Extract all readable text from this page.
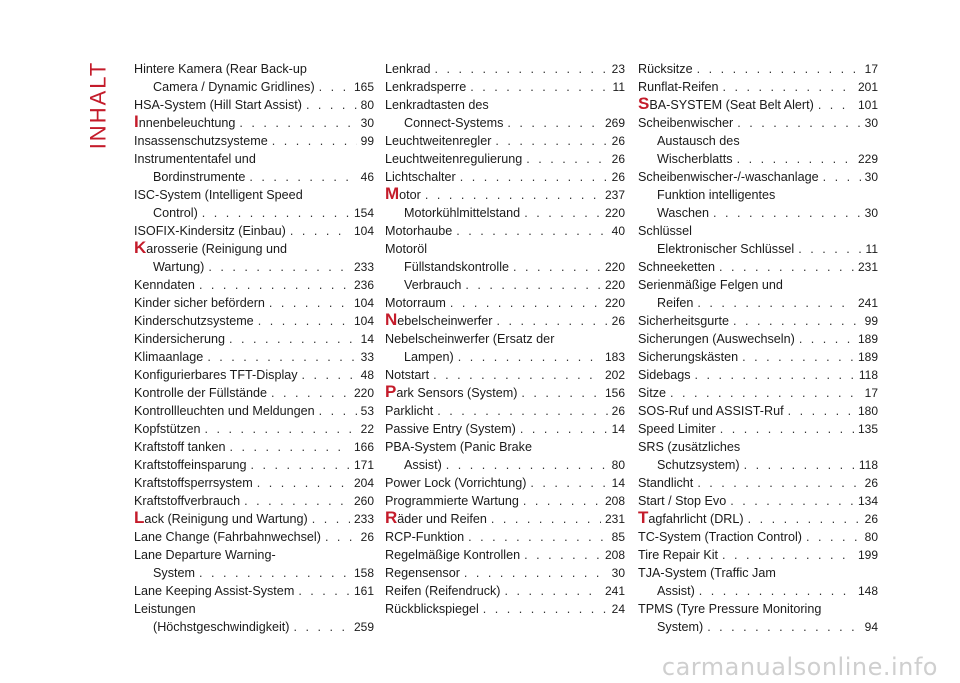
INHALT Hintere Kamera (Rear Back-up
Camera / Dynamic Gridlines) . . .	165
HSA-System (Hill Start Assist) . . .	80
Innenbeleuchtung . . .	30
Insassenschutzsysteme . . .	99
Instrumententafel und
Bordinstrumente . . .	46
ISC-System (Intelligent Speed
Control) . . .	154
ISOFIX-Kindersitz (Einbau) . . .	104
Karosserie (Reinigung und
Wartung) . . .	233
Kenndaten . . .	236
Kinder sicher befördern . . .	104
Kinderschutzsysteme . . .	104
Kindersicherung . . .	14
Klimaanlage . . .	33
Konfigurierbares TFT-Display . . .	48
Kontrolle der Füllstände . . .	220
Kontrollleuchten und Meldungen . . .	53
Kopfstützen . . .	22
Kraftstoff tanken . . .	166
Kraftstoffeinsparung . . .	171
Kraftstoffsperrsystem . . .	204
Kraftstoffverbrauch . . .	260
Lack (Reinigung und Wartung) . . .	233
Lane Change (Fahrbahnwechsel) . . .	26
Lane Departure Warning-
System . . .	158
Lane Keeping Assist-System . . .	161
Leistungen
(Höchstgeschwindigkeit) . . .	259
Lenkrad . . .	23
Lenkradsperre . . .	11
Lenkradtasten des
Connect-Systems . . .	269
Leuchtweitenregler . . .	26
Leuchtweitenregulierung . . .	26
Lichtschalter . . .	26
Motor . . .	237
Motorkühlmittelstand . . .	220
Motorhaube . . .	40
Motoröl
Füllstandskontrolle . . .	220
Verbrauch . . .	220
Motorraum . . .	220
Nebelscheinwerfer . . .	26
Nebelscheinwerfer (Ersatz der
Lampen) . . .	183
Notstart . . .	202
Park Sensors (System) . . .	156
Parklicht . . .	26
Passive Entry (System) . . .	14
PBA-System (Panic Brake
Assist) . . .	80
Power Lock (Vorrichtung) . . .	14
Programmierte Wartung . . .	208
Räder und Reifen . . .	231
RCP-Funktion . . .	85
Regelmäßige Kontrollen . . .	208
Regensensor . . .	30
Reifen (Reifendruck) . . .	241
Rückblickspiegel . . .	24
Rücksitze . . .	17
Runflat-Reifen . . .	201
SBA-SYSTEM (Seat Belt Alert) . . .	101
Scheibenwischer . . .	30
Austausch des
Wischerblatts . . .	229
Scheibenwischer-/-waschanlage . . .	30
Funktion intelligentes
Waschen . . .	30
Schlüssel
Elektronischer Schlüssel . . .	11
Schneeketten . . .	231
Serienmäßige Felgen und
Reifen . . .	241
Sicherheitsgurte . . .	99
Sicherungen (Auswechseln) . . .	189
Sicherungskästen . . .	189
Sidebags . . .	118
Sitze . . .	17
SOS-Ruf und ASSIST-Ruf . . .	180
Speed Limiter . . .	135
SRS (zusätzliches
Schutzsystem) . . .	118
Standlicht . . .	26
Start / Stop Evo . . .	134
Tagfahrlicht (DRL) . . .	26
TC-System (Traction Control) . . .	80
Tire Repair Kit . . .	199
TJA-System (Traffic Jam
Assist) . . .	148
TPMS (Tyre Pressure Monitoring
System) . . .	94
carmanualsonline.info
